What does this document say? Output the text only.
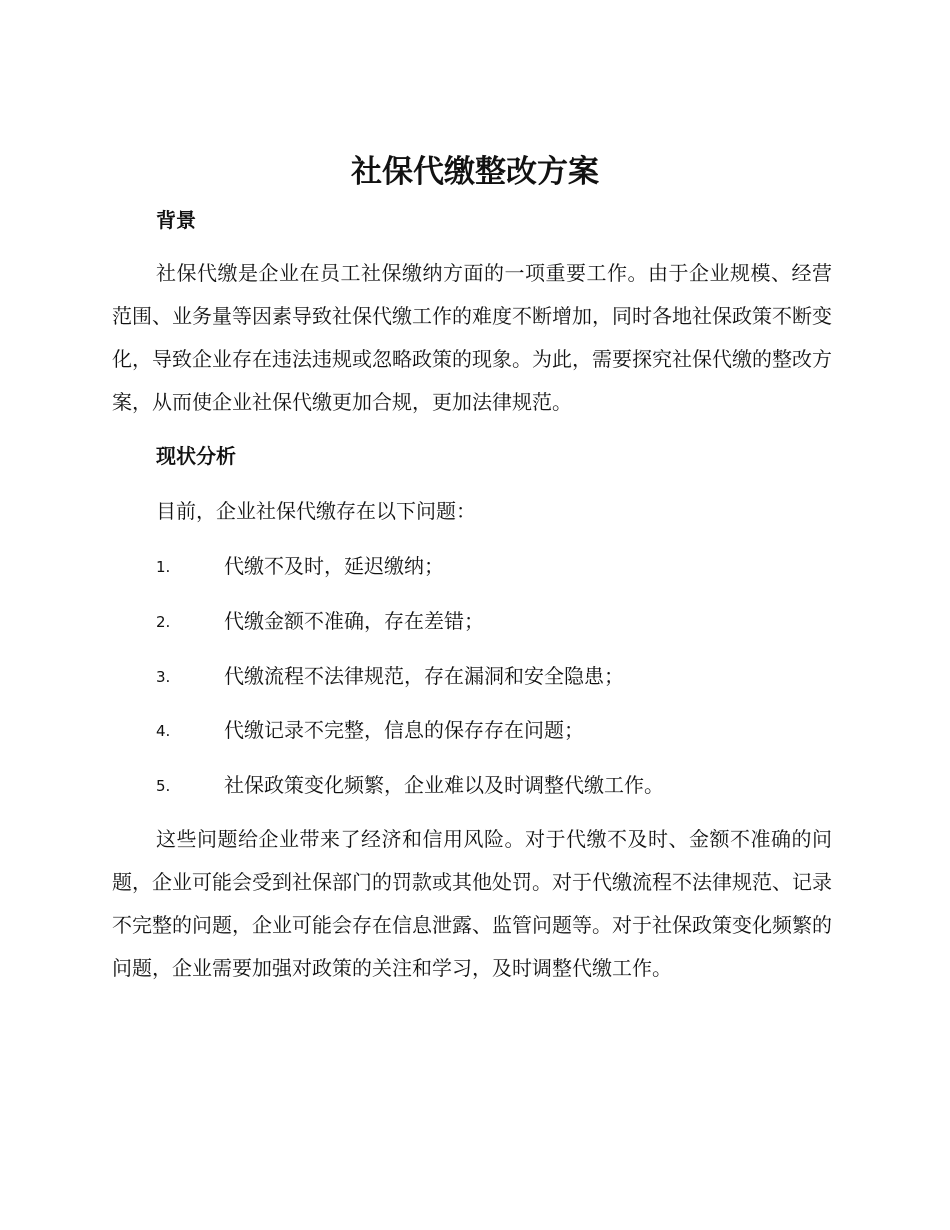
社保代缴整改方案
背景

社保代缴是企业在员工社保缴纳方面的一项重要工作。由于企业规模、经营范围、业务量等因素导致社保代缴工作的难度不断增加，同时各地社保政策不断变化，导致企业存在违法违规或忽略政策的现象。为此，需要探究社保代缴的整改方案，从而使企业社保代缴更加合规，更加法律规范。

现状分析

目前，企业社保代缴存在以下问题：

1.	代缴不及时，延迟缴纳；
2.	代缴金额不准确，存在差错；
3.	代缴流程不法律规范，存在漏洞和安全隐患；
4.	代缴记录不完整，信息的保存存在问题；
5.	社保政策变化频繁，企业难以及时调整代缴工作。

这些问题给企业带来了经济和信用风险。对于代缴不及时、金额不准确的问题，企业可能会受到社保部门的罚款或其他处罚。对于代缴流程不法律规范、记录不完整的问题，企业可能会存在信息泄露、监管问题等。对于社保政策变化频繁的问题，企业需要加强对政策的关注和学习，及时调整代缴工作。
